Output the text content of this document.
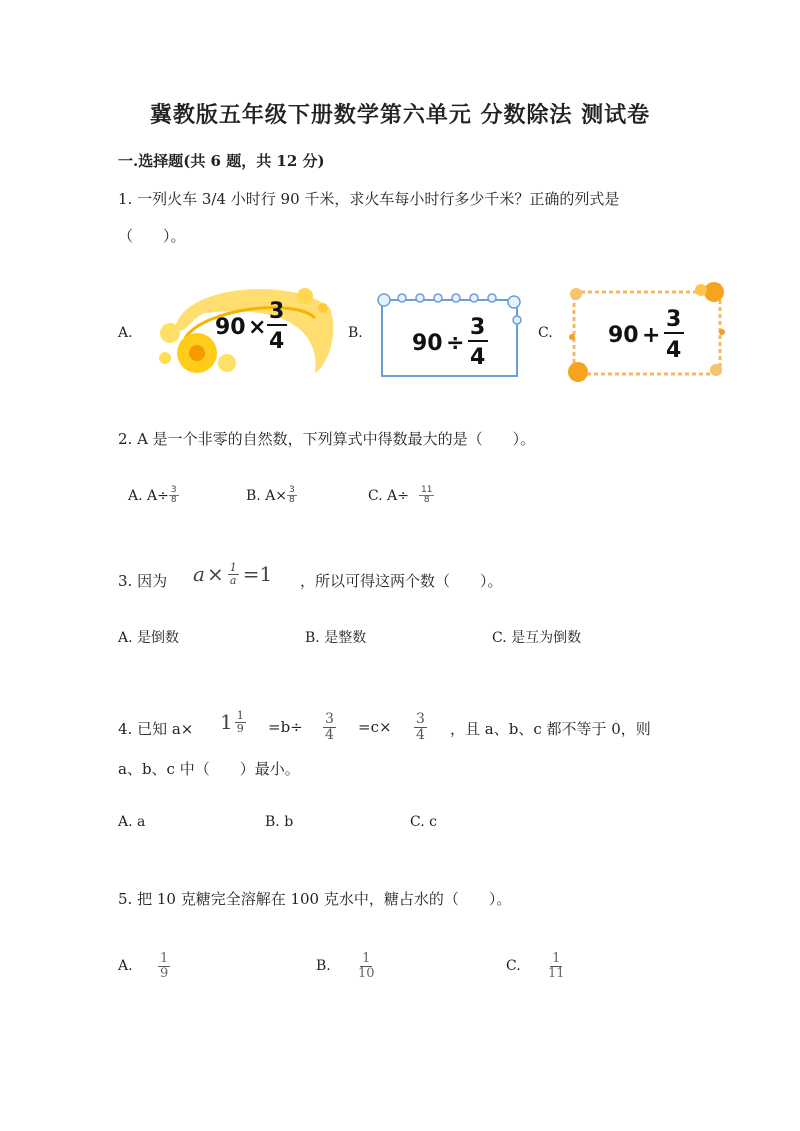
冀教版五年级下册数学第六单元 分数除法 测试卷
一.选择题(共 6 题，共 12 分)
1. 一列火车 3/4 小时行 90 千米，求火车每小时行多少千米？正确的列式是
（　　）。
A.	90 ×
3
4	B. 90 ÷
3
4
C.	90 +
3
4
2. A 是一个非零的自然数，下列算式中得数最大的是（　　）。
A. $A\div \frac{3}{8}$	B. $A\times \frac{3}{8}$	C. $A\div \frac{11}{8}$
3. 因为 $a \times \frac{1}{a} =1$ ，所以可得这两个数（　　）。
A. 是倒数	B. 是整数	C. 是互为倒数
4. 已知 $a\times 1 \frac{1}{9} =b\div \frac{3}{4} =c\times \frac{3}{4}$ ，且 a、b、c 都不等于 0，则
a、b、c 中（　　）最小。
A. a	B. b	C. c
5. 把 10 克糖完全溶解在 100 克水中，糖占水的（　　）。
A. $\frac{1}{9}$	B. $\frac{1}{10}$	C. $\frac{1}{11}$
